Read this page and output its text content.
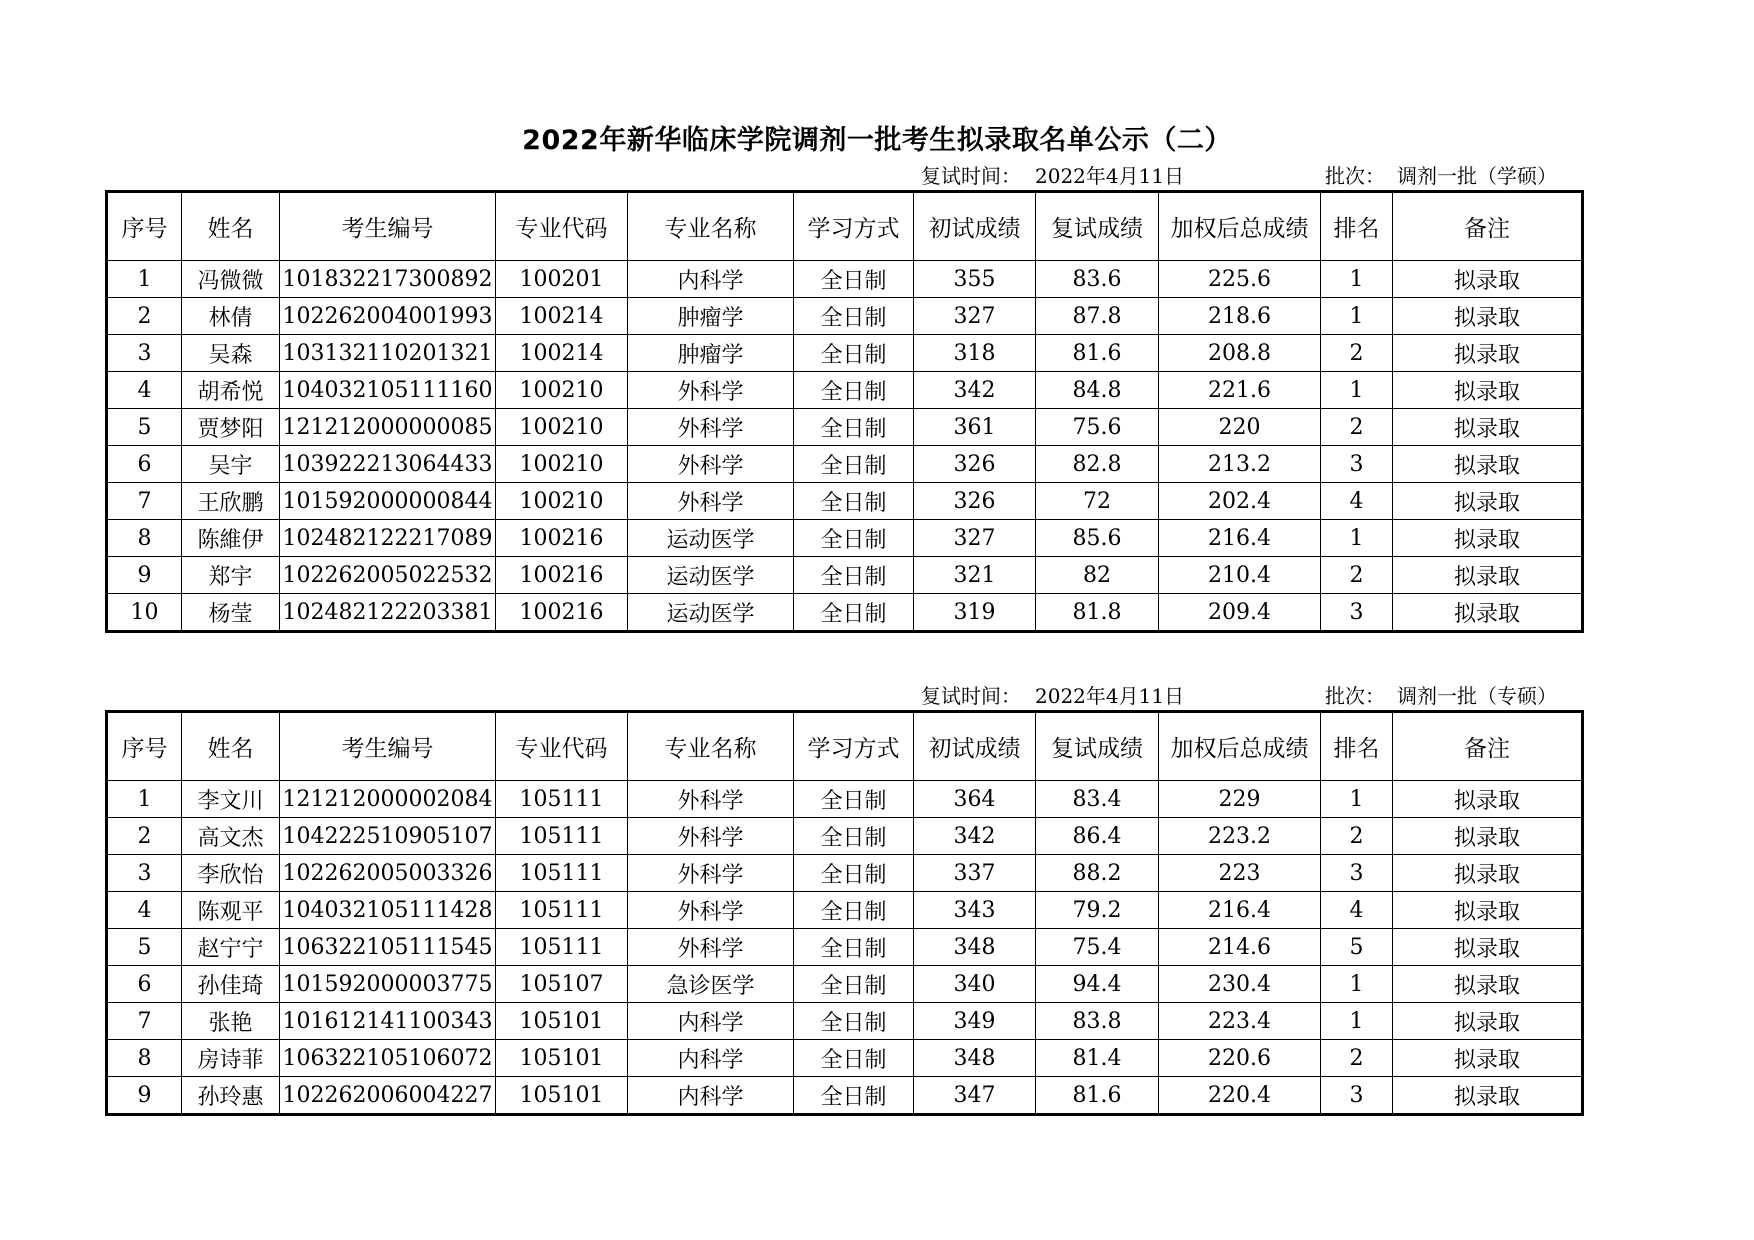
2022年新华临床学院调剂一批考生拟录取名单公示（二）
复试时间： 2022年4月11日	批次： 调剂一批（学硕）
序号	姓名	考生编号	专业代码	专业名称	学习方式	初试成绩	复试成绩	加权后总成绩	排名	备注
1	冯微微	101832217300892	100201	内科学	全日制	355	83.6	225.6	1	拟录取
2	林倩	102262004001993	100214	肿瘤学	全日制	327	87.8	218.6	1	拟录取
3	吴森	103132110201321	100214	肿瘤学	全日制	318	81.6	208.8	2	拟录取
4	胡希悦	104032105111160	100210	外科学	全日制	342	84.8	221.6	1	拟录取
5	贾梦阳	121212000000085	100210	外科学	全日制	361	75.6	220	2	拟录取
6	吴宇	103922213064433	100210	外科学	全日制	326	82.8	213.2	3	拟录取
7	王欣鹏	101592000000844	100210	外科学	全日制	326	72	202.4	4	拟录取
8	陈維伊	102482122217089	100216	运动医学	全日制	327	85.6	216.4	1	拟录取
9	郑宇	102262005022532	100216	运动医学	全日制	321	82	210.4	2	拟录取
10	杨莹	102482122203381	100216	运动医学	全日制	319	81.8	209.4	3	拟录取
复试时间： 2022年4月11日	批次： 调剂一批（专硕）
序号	姓名	考生编号	专业代码	专业名称	学习方式	初试成绩	复试成绩	加权后总成绩	排名	备注
1	李文川	121212000002084	105111	外科学	全日制	364	83.4	229	1	拟录取
2	高文杰	104222510905107	105111	外科学	全日制	342	86.4	223.2	2	拟录取
3	李欣怡	102262005003326	105111	外科学	全日制	337	88.2	223	3	拟录取
4	陈观平	104032105111428	105111	外科学	全日制	343	79.2	216.4	4	拟录取
5	赵宁宁	106322105111545	105111	外科学	全日制	348	75.4	214.6	5	拟录取
6	孙佳琦	101592000003775	105107	急诊医学	全日制	340	94.4	230.4	1	拟录取
7	张艳	101612141100343	105101	内科学	全日制	349	83.8	223.4	1	拟录取
8	房诗菲	106322105106072	105101	内科学	全日制	348	81.4	220.6	2	拟录取
9	孙玲惠	102262006004227	105101	内科学	全日制	347	81.6	220.4	3	拟录取
